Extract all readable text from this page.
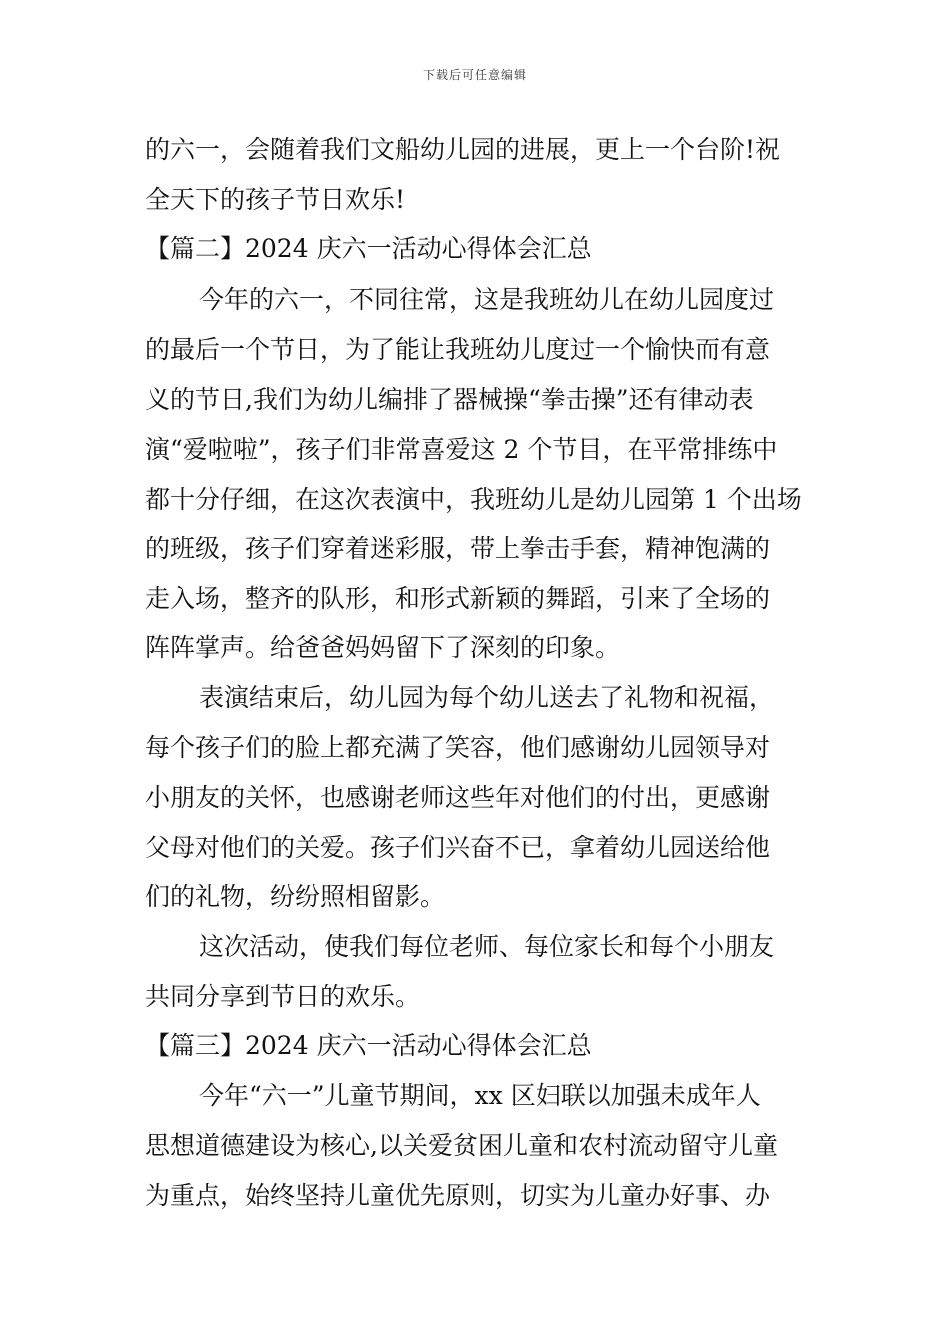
下载后可任意编辑
的六一，会随着我们文船幼儿园的进展，更上一个台阶!祝
全天下的孩子节日欢乐!
【篇二】2024 庆六一活动心得体会汇总
今年的六一，不同往常，这是我班幼儿在幼儿园度过
的最后一个节日，为了能让我班幼儿度过一个愉快而有意
义的节日,我们为幼儿编排了器械操“拳击操”还有律动表
演“爱啦啦”，孩子们非常喜爱这 2 个节目，在平常排练中
都十分仔细，在这次表演中，我班幼儿是幼儿园第 1 个出场
的班级，孩子们穿着迷彩服，带上拳击手套，精神饱满的
走入场，整齐的队形，和形式新颖的舞蹈，引来了全场的
阵阵掌声。给爸爸妈妈留下了深刻的印象。
表演结束后，幼儿园为每个幼儿送去了礼物和祝福，
每个孩子们的脸上都充满了笑容，他们感谢幼儿园领导对
小朋友的关怀，也感谢老师这些年对他们的付出，更感谢
父母对他们的关爱。孩子们兴奋不已，拿着幼儿园送给他
们的礼物，纷纷照相留影。
这次活动，使我们每位老师、每位家长和每个小朋友
共同分享到节日的欢乐。
【篇三】2024 庆六一活动心得体会汇总
今年“六一”儿童节期间，xx 区妇联以加强未成年人
思想道德建设为核心,以关爱贫困儿童和农村流动留守儿童
为重点，始终坚持儿童优先原则，切实为儿童办好事、办
